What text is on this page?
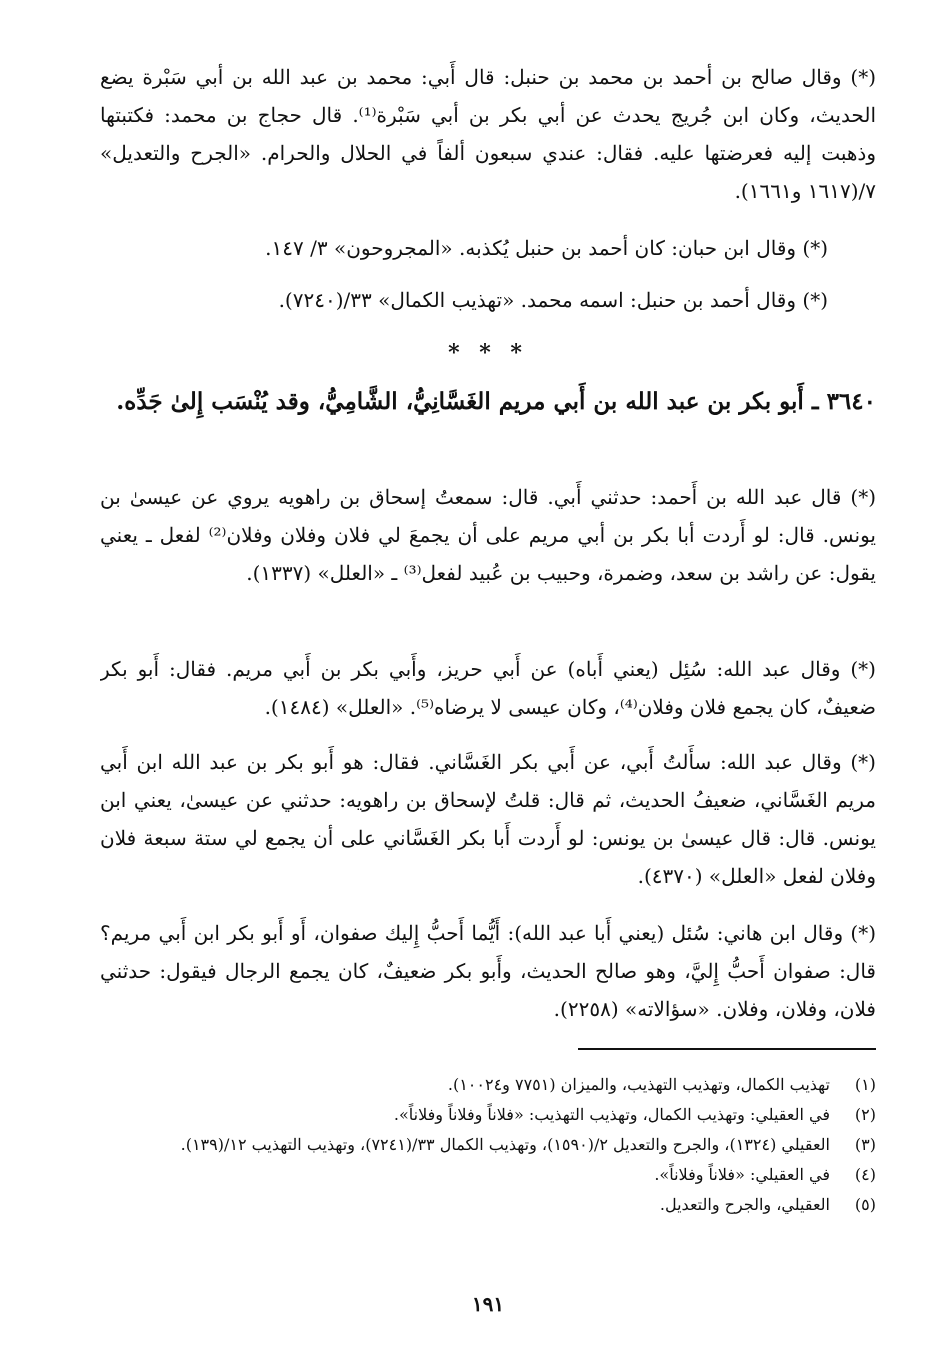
(*) وقال صالح بن أحمد بن محمد بن حنبل: قال أَبي: محمد بن عبد الله بن أبي سَبْرة يضع الحديث، وكان ابن جُريج يحدث عن أبي بكر بن أبي سَبْرة⁽¹⁾. قال حجاج بن محمد: فكتبتها وذهبت إليه فعرضتها عليه. فقال: عندي سبعون ألفاً في الحلال والحرام. «الجرح والتعديل» ٧/(١٦١٧ و١٦٦١).

(*) وقال ابن حبان: كان أحمد بن حنبل يُكذبه. «المجروحون» ٣/ ١٤٧.

(*) وقال أحمد بن حنبل: اسمه محمد. «تهذيب الكمال» ٣٣/(٧٢٤٠).

* * *
٣٦٤٠ ـ أَبو بكر بن عبد الله بن أَبي مريم الغَسَّانِيُّ، الشَّامِيُّ، وقد يُنْسَب إِلىٰ جَدِّه.

(*) قال عبد الله بن أَحمد: حدثني أَبي. قال: سمعتُ إسحاق بن راهويه يروي عن عيسىٰ بن يونس. قال: لو أَردت أبا بكر بن أبي مريم على أن يجمعَ لي فلان وفلان وفلان⁽²⁾ لفعل ـ يعني يقول: عن راشد بن سعد، وضمرة، وحبيب بن عُبيد لفعل⁽³⁾ ـ «العلل» (١٣٣٧).

(*) وقال عبد الله: سُئِل (يعني أَباه) عن أَبي حريز، وأَبي بكر بن أَبي مريم. فقال: أَبو بكر ضعيفٌ، كان يجمع فلان وفلان⁽⁴⁾، وكان عيسى لا يرضاه⁽⁵⁾. «العلل» (١٤٨٤).

(*) وقال عبد الله: سأَلتُ أَبي، عن أَبي بكر الغَسَّاني. فقال: هو أَبو بكر بن عبد الله ابن أَبي مريم الغَسَّاني، ضعيفُ الحديث، ثم قال: قلتُ لإسحاق بن راهويه: حدثني عن عيسىٰ، يعني ابن يونس. قال: قال عيسىٰ بن يونس: لو أَردت أَبا بكر الغَسَّاني على أن يجمع لي ستة سبعة فلان وفلان لفعل «العلل» (٤٣٧٠).

(*) وقال ابن هاني: سُئل (يعني أَبا عبد الله): أَيُّما أَحبُّ إِليك صفوان، أَو أَبو بكر ابن أَبي مريم؟ قال: صفوان أَحبُّ إِليَّ، وهو صالح الحديث، وأَبو بكر ضعيفٌ، كان يجمع الرجال فيقول: حدثني فلان، وفلان، وفلان. «سؤالاته» (٢٢٥٨).

(١)
تهذيب الكمال، وتهذيب التهذيب، والميزان (٧٧٥١ و١٠٠٢٤).
(٢)
في العقيلي: وتهذيب الكمال، وتهذيب التهذيب: «فلاناً وفلاناً وفلاناً».
(٣)
العقيلي (١٣٢٤)، والجرح والتعديل ٢/(١٥٩٠)، وتهذيب الكمال ٣٣/(٧٢٤١)، وتهذيب التهذيب ١٢/(١٣٩).
(٤)
في العقيلي: «فلاناً وفلاناً».
(٥)
العقيلي، والجرح والتعديل.
١٩١
